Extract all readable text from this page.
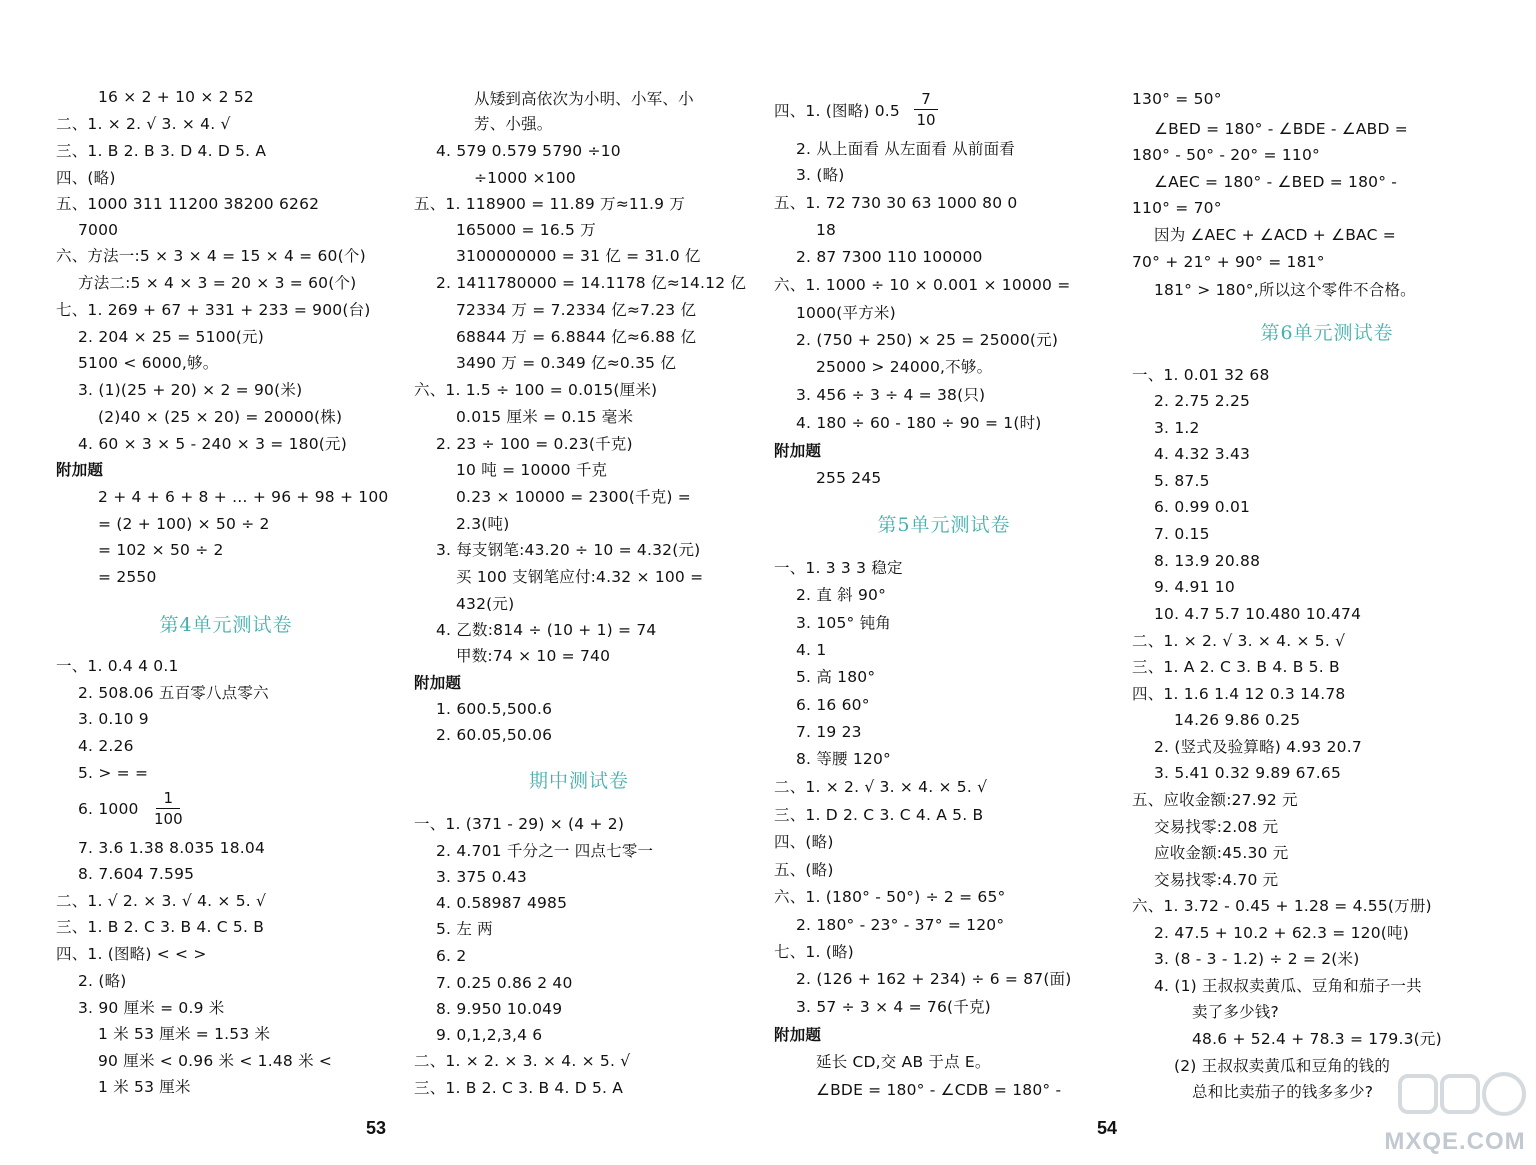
16 × 2 + 10 × 2 52
二、1. × 2. √ 3. × 4. √
三、1. B 2. B 3. D 4. D 5. A
四、(略)
五、1000 311 11200 38200 6262
7000
六、方法一:5 × 3 × 4 = 15 × 4 = 60(个)
方法二:5 × 4 × 3 = 20 × 3 = 60(个)
七、1. 269 + 67 + 331 + 233 = 900(台)
2. 204 × 25 = 5100(元)
5100 < 6000,够。
3. (1)(25 + 20) × 2 = 90(米)
(2)40 × (25 × 20) = 20000(株)
4. 60 × 3 × 5 - 240 × 3 = 180(元)
附加题
2 + 4 + 6 + 8 + … + 96 + 98 + 100
= (2 + 100) × 50 ÷ 2
= 102 × 50 ÷ 2
= 2550
第4单元测试卷
一、1. 0.4 4 0.1
2. 508.06 五百零八点零六
3. 0.10 9
4. 2.26
5. > = =
6. 1000
1
100
7. 3.6 1.38 8.035 18.04
8. 7.604 7.595
二、1. √ 2. × 3. √ 4. × 5. √
三、1. B 2. C 3. B 4. C 5. B
四、1. (图略) < < >
2. (略)
3. 90 厘米 = 0.9 米
1 米 53 厘米 = 1.53 米
90 厘米 < 0.96 米 < 1.48 米 <
1 米 53 厘米
从矮到高依次为小明、小军、小
芳、小强。
4. 579 0.579 5790 ÷10
÷1000 ×100
五、1. 118900 = 11.89 万≈11.9 万
165000 = 16.5 万
3100000000 = 31 亿 = 31.0 亿
2. 1411780000 = 14.1178 亿≈14.12 亿
72334 万 = 7.2334 亿≈7.23 亿
68844 万 = 6.8844 亿≈6.88 亿
3490 万 = 0.349 亿≈0.35 亿
六、1. 1.5 ÷ 100 = 0.015(厘米)
0.015 厘米 = 0.15 毫米
2. 23 ÷ 100 = 0.23(千克)
10 吨 = 10000 千克
0.23 × 10000 = 2300(千克) =
2.3(吨)
3. 每支钢笔:43.20 ÷ 10 = 4.32(元)
买 100 支钢笔应付:4.32 × 100 =
432(元)
4. 乙数:814 ÷ (10 + 1) = 74
甲数:74 × 10 = 740
附加题
1. 600.5,500.6
2. 60.05,50.06
期中测试卷
一、1. (371 - 29) × (4 + 2)
2. 4.701 千分之一 四点七零一
3. 375 0.43
4. 0.58987 4985
5. 左 两
6. 2
7. 0.25 0.86 2 40
8. 9.950 10.049
9. 0,1,2,3,4 6
二、1. × 2. × 3. × 4. × 5. √
三、1. B 2. C 3. B 4. D 5. A
四、1. (图略) 0.5
7
10
2. 从上面看 从左面看 从前面看
3. (略)
五、1. 72 730 30 63 1000 80 0
18
2. 87 7300 110 100000
六、1. 1000 ÷ 10 × 0.001 × 10000 =
1000(平方米)
2. (750 + 250) × 25 = 25000(元)
25000 > 24000,不够。
3. 456 ÷ 3 ÷ 4 = 38(只)
4. 180 ÷ 60 - 180 ÷ 90 = 1(时)
附加题
255 245
第5单元测试卷
一、1. 3 3 3 稳定
2. 直 斜 90°
3. 105° 钝角
4. 1
5. 高 180°
6. 16 60°
7. 19 23
8. 等腰 120°
二、1. × 2. √ 3. × 4. × 5. √
三、1. D 2. C 3. C 4. A 5. B
四、(略)
五、(略)
六、1. (180° - 50°) ÷ 2 = 65°
2. 180° - 23° - 37° = 120°
七、1. (略)
2. (126 + 162 + 234) ÷ 6 = 87(面)
3. 57 ÷ 3 × 4 = 76(千克)
附加题
延长 CD,交 AB 于点 E。
∠BDE = 180° - ∠CDB = 180° -
130° = 50°
∠BED = 180° - ∠BDE - ∠ABD =
180° - 50° - 20° = 110°
∠AEC = 180° - ∠BED = 180° -
110° = 70°
因为 ∠AEC + ∠ACD + ∠BAC =
70° + 21° + 90° = 181°
181° > 180°,所以这个零件不合格。
第6单元测试卷
一、1. 0.01 32 68
2. 2.75 2.25
3. 1.2
4. 4.32 3.43
5. 87.5
6. 0.99 0.01
7. 0.15
8. 13.9 20.88
9. 4.91 10
10. 4.7 5.7 10.480 10.474
二、1. × 2. √ 3. × 4. × 5. √
三、1. A 2. C 3. B 4. B 5. B
四、1. 1.6 1.4 12 0.3 14.78
14.26 9.86 0.25
2. (竖式及验算略) 4.93 20.7
3. 5.41 0.32 9.89 67.65
五、应收金额:27.92 元
交易找零:2.08 元
应收金额:45.30 元
交易找零:4.70 元
六、1. 3.72 - 0.45 + 1.28 = 4.55(万册)
2. 47.5 + 10.2 + 62.3 = 120(吨)
3. (8 - 3 - 1.2) ÷ 2 = 2(米)
4. (1) 王叔叔卖黄瓜、豆角和茄子一共
卖了多少钱?
48.6 + 52.4 + 78.3 = 179.3(元)
(2) 王叔叔卖黄瓜和豆角的钱的
总和比卖茄子的钱多多少?
53	54	MXQE.COM
